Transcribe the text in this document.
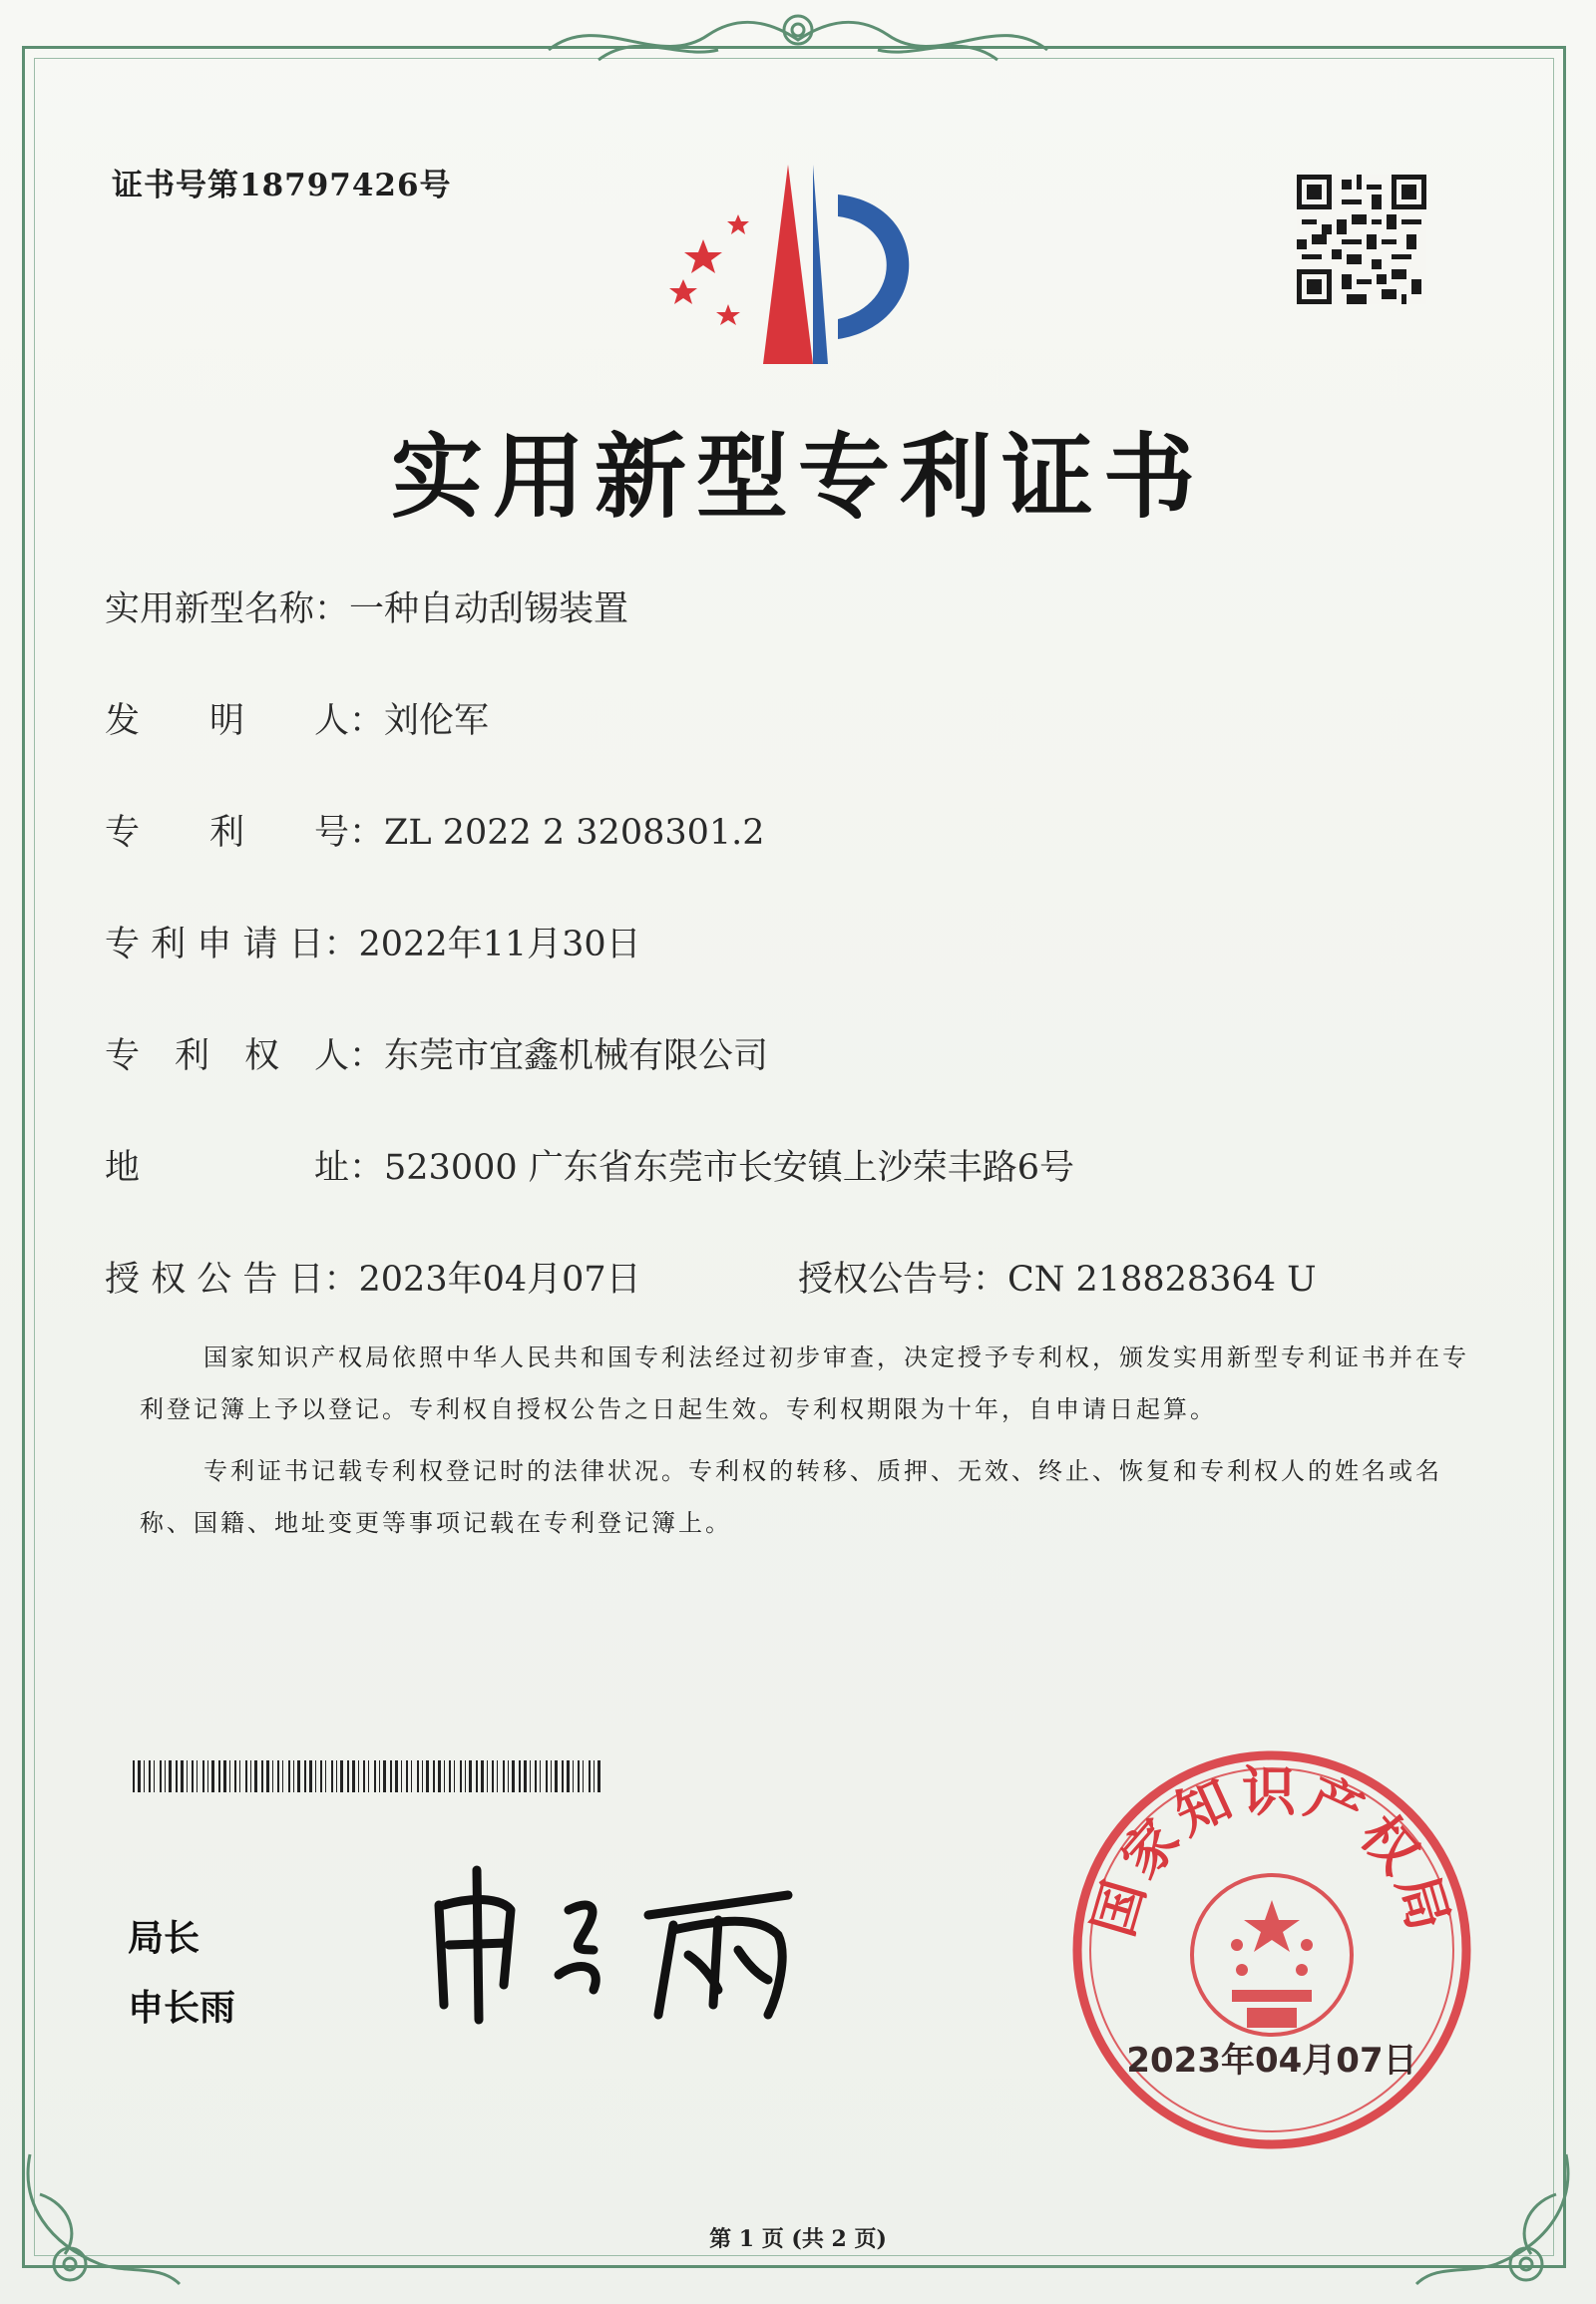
证书号第18797426号
实用新型专利证书
实用新型名称：一种自动刮锡装置
发　　明　　人：刘伦军
专　　利　　号：ZL 2022 2 3208301.2
专 利 申 请 日：2022年11月30日
专　利　权　人：东莞市宜鑫机械有限公司
地　　　　　址：523000 广东省东莞市长安镇上沙荣丰路6号
授 权 公 告 日：2023年04月07日	授权公告号：CN 218828364 U

国家知识产权局依照中华人民共和国专利法经过初步审查，决定授予专利权，颁发实用新型专利证书并在专利登记簿上予以登记。专利权自授权公告之日起生效。专利权期限为十年，自申请日起算。

专利证书记载专利权登记时的法律状况。专利权的转移、质押、无效、终止、恢复和专利权人的姓名或名称、国籍、地址变更等事项记载在专利登记簿上。

局长
申长雨
国家知识产权局
2023年04月07日
第 1 页 (共 2 页)
